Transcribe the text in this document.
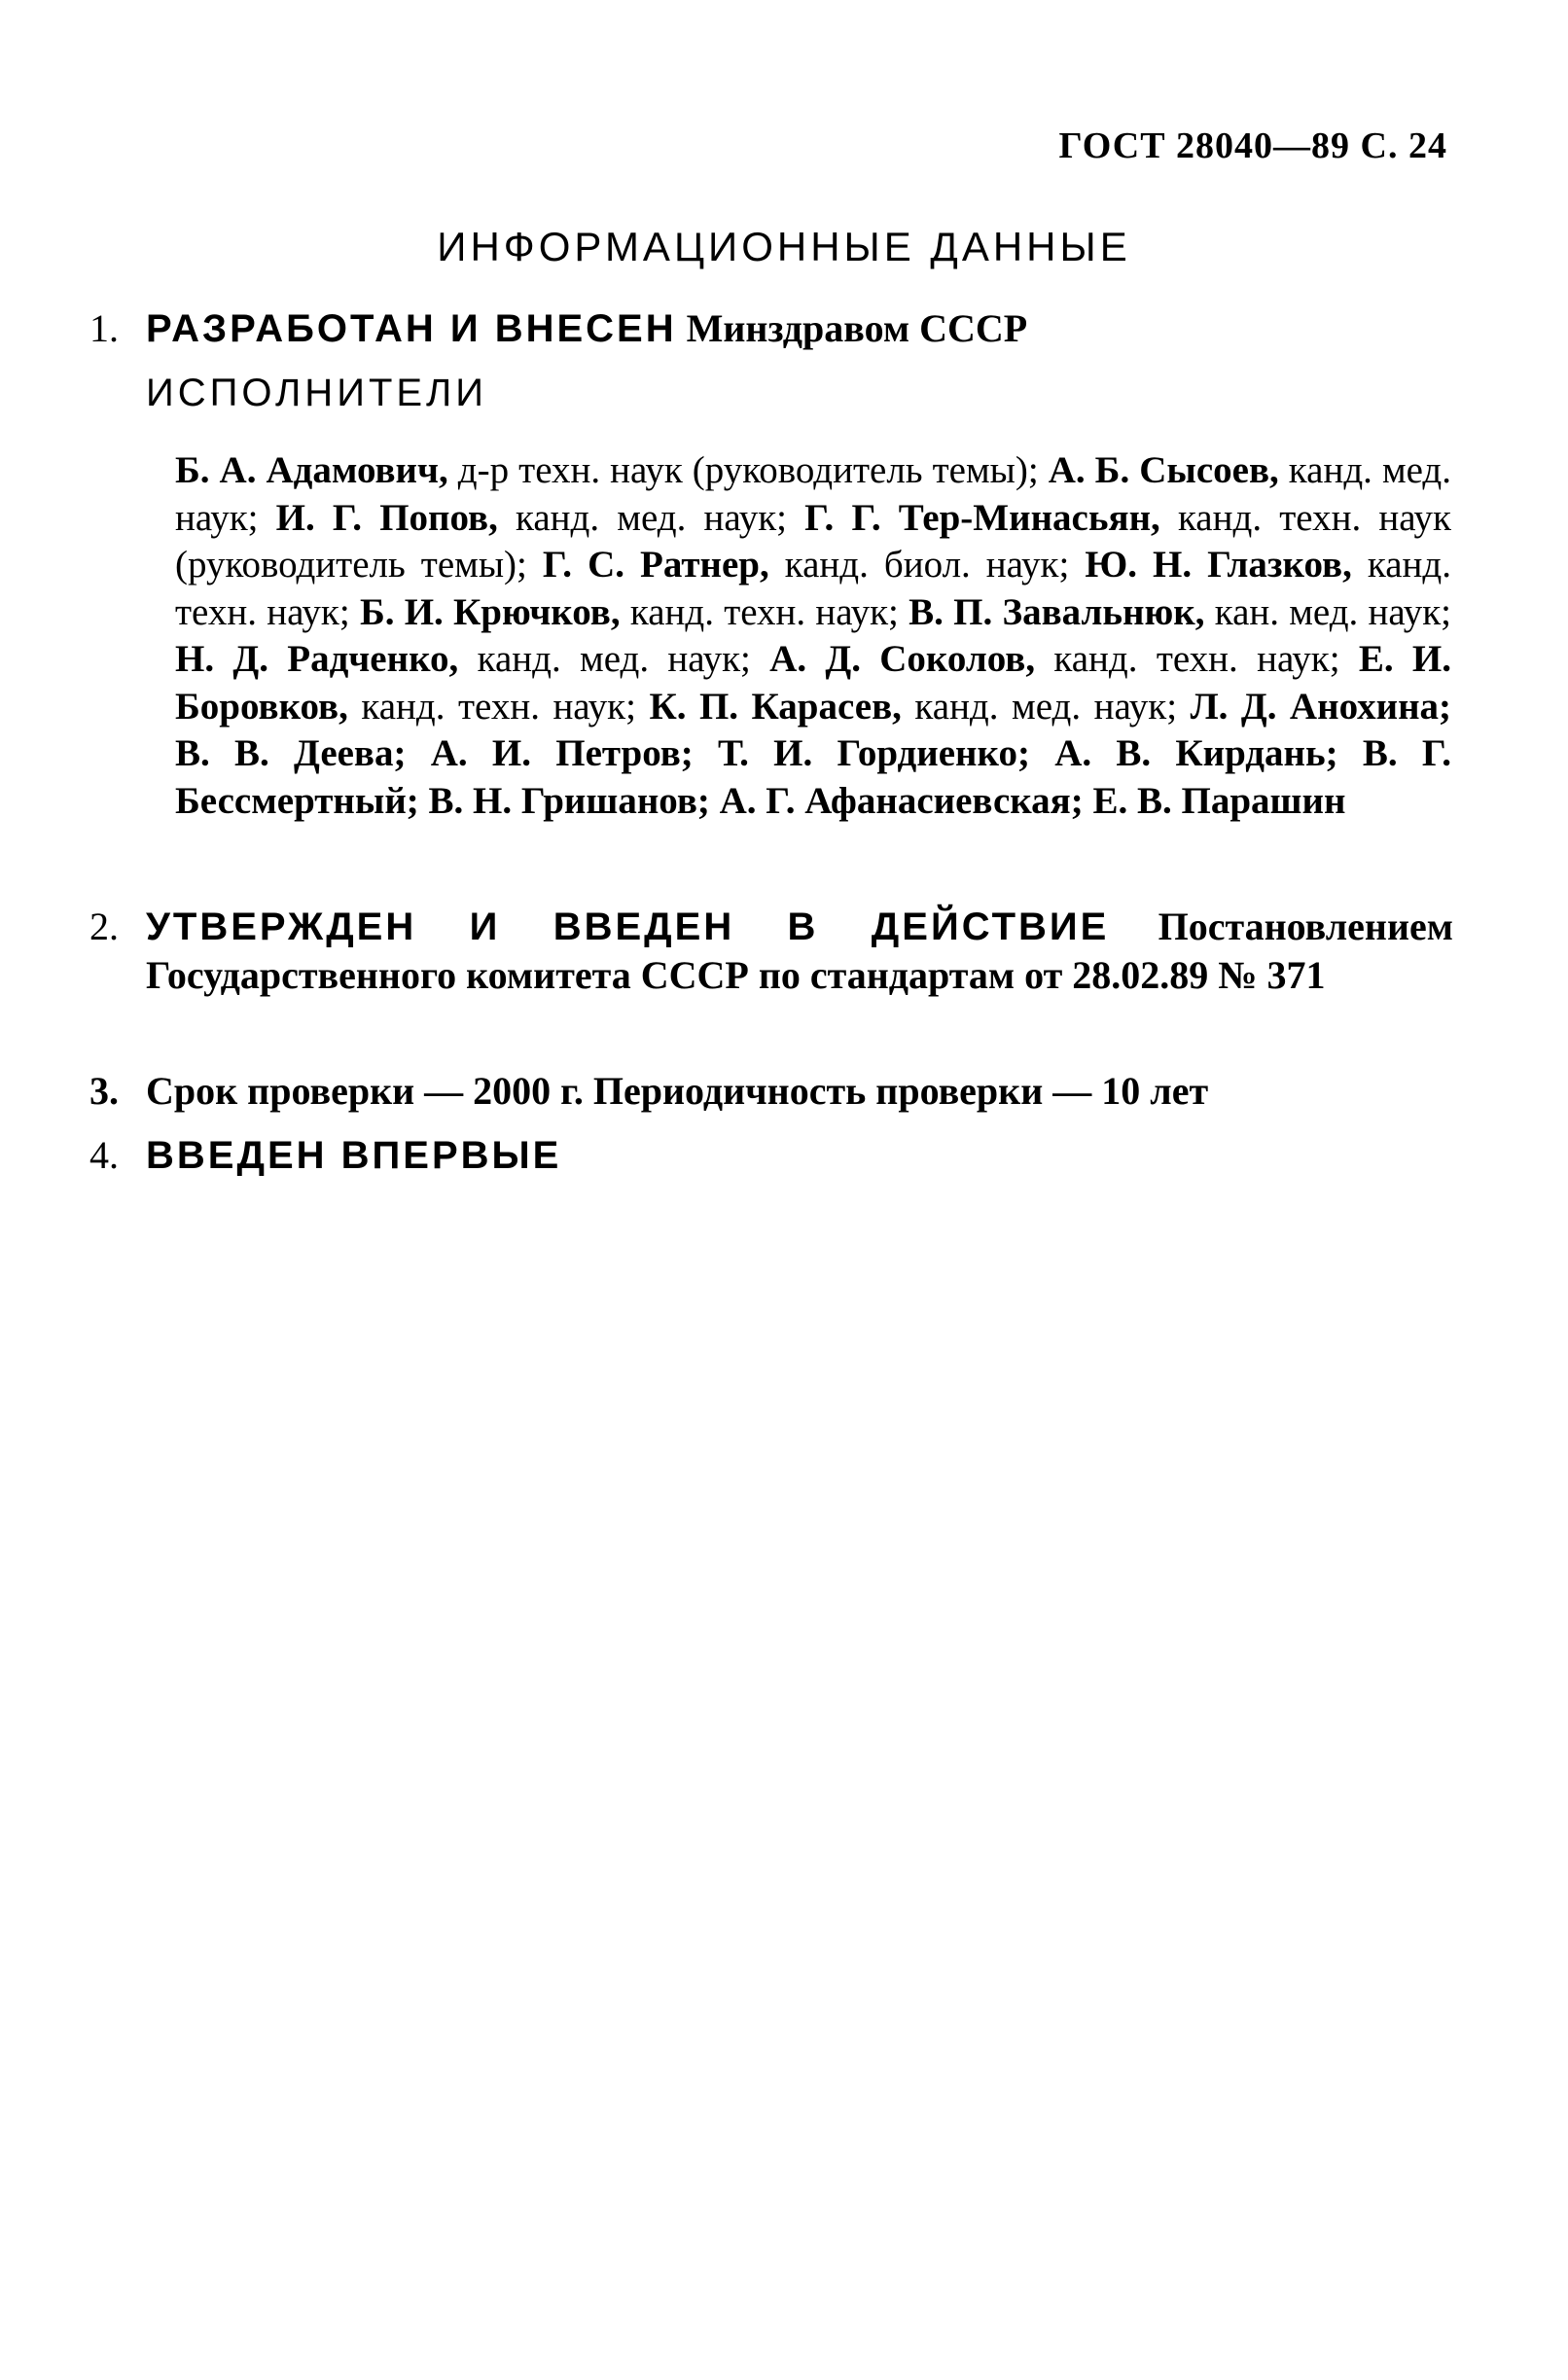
ГОСТ 28040—89 С. 24
ИНФОРМАЦИОННЫЕ ДАННЫЕ
1. РАЗРАБОТАН И ВНЕСЕН Минздравом СССР
ИСПОЛНИТЕЛИ
Б. А. Адамович, д-р техн. наук (руководитель темы); А. Б. Сысоев, канд. мед. наук; И. Г. Попов, канд. мед. наук; Г. Г. Тер-Минасьян, канд. техн. наук (руководитель темы); Г. С. Ратнер, канд. биол. наук; Ю. Н. Глазков, канд. техн. наук; Б. И. Крючков, канд. техн. наук; В. П. Завальнюк, кан. мед. наук; Н. Д. Радченко, канд. мед. наук; А. Д. Соколов, канд. техн. наук; Е. И. Боровков, канд. техн. наук; К. П. Карасев, канд. мед. наук; Л. Д. Анохина; В. В. Деева; А. И. Петров; Т. И. Гордиенко; А. В. Кирдань; В. Г. Бессмертный; В. Н. Гришанов; А. Г. Афанасиевская; Е. В. Парашин
2. УТВЕРЖДЕН И ВВЕДЕН В ДЕЙСТВИЕ Постановлением Государственного комитета СССР по стандартам от 28.02.89 № 371
3. Срок проверки — 2000 г. Периодичность проверки — 10 лет
4. ВВЕДЕН ВПЕРВЫЕ
